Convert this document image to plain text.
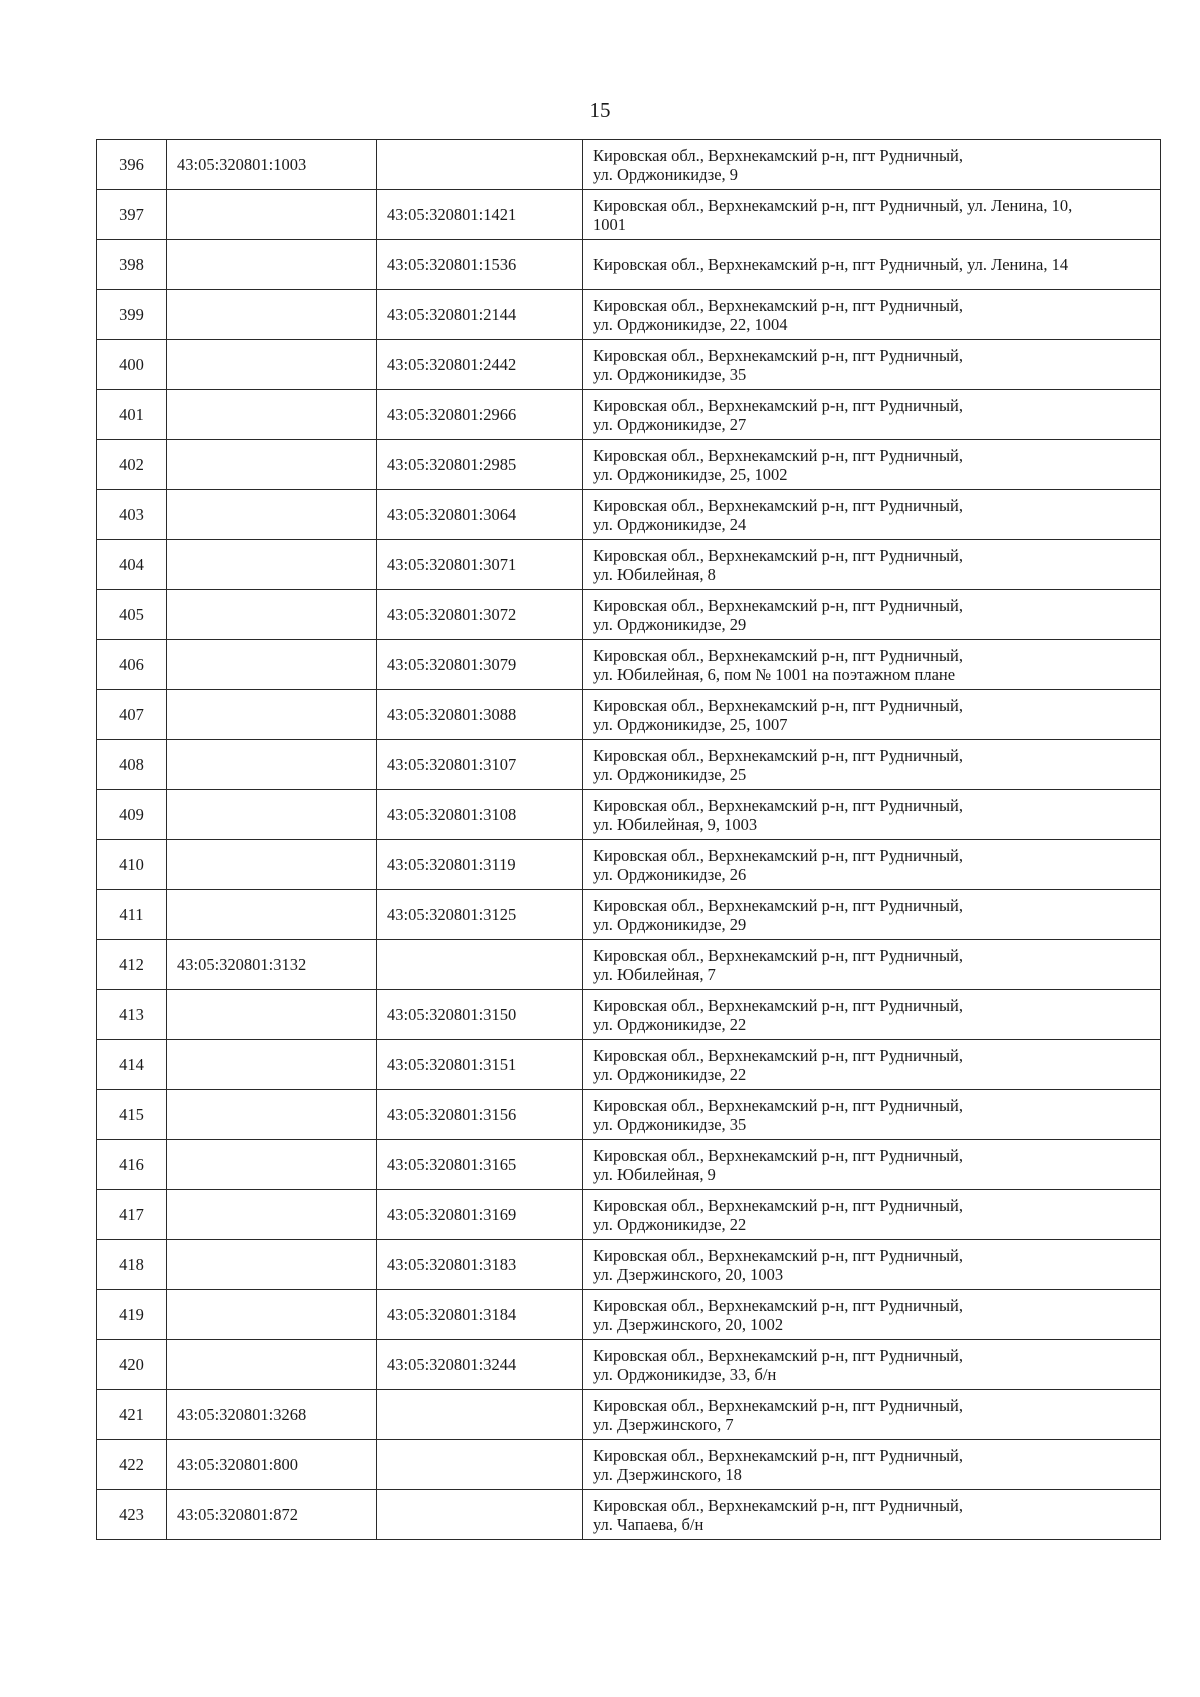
15
396	43:05:320801:1003		Кировская обл., Верхнекамский р-н, пгт Рудничный,
ул. Орджоникидзе, 9

397		43:05:320801:1421	Кировская обл., Верхнекамский р-н, пгт Рудничный, ул. Ленина, 10,
1001

398		43:05:320801:1536	Кировская обл., Верхнекамский р-н, пгт Рудничный, ул. Ленина, 14

399		43:05:320801:2144	Кировская обл., Верхнекамский р-н, пгт Рудничный,
ул. Орджоникидзе, 22, 1004

400		43:05:320801:2442	Кировская обл., Верхнекамский р-н, пгт Рудничный,
ул. Орджоникидзе, 35

401		43:05:320801:2966	Кировская обл., Верхнекамский р-н, пгт Рудничный,
ул. Орджоникидзе, 27

402		43:05:320801:2985	Кировская обл., Верхнекамский р-н, пгт Рудничный,
ул. Орджоникидзе, 25, 1002

403		43:05:320801:3064	Кировская обл., Верхнекамский р-н, пгт Рудничный,
ул. Орджоникидзе, 24

404		43:05:320801:3071	Кировская обл., Верхнекамский р-н, пгт Рудничный,
ул. Юбилейная, 8

405		43:05:320801:3072	Кировская обл., Верхнекамский р-н, пгт Рудничный,
ул. Орджоникидзе, 29

406		43:05:320801:3079	Кировская обл., Верхнекамский р-н, пгт Рудничный,
ул. Юбилейная, 6, пом № 1001 на поэтажном плане

407		43:05:320801:3088	Кировская обл., Верхнекамский р-н, пгт Рудничный,
ул. Орджоникидзе, 25, 1007

408		43:05:320801:3107	Кировская обл., Верхнекамский р-н, пгт Рудничный,
ул. Орджоникидзе, 25

409		43:05:320801:3108	Кировская обл., Верхнекамский р-н, пгт Рудничный,
ул. Юбилейная, 9, 1003

410		43:05:320801:3119	Кировская обл., Верхнекамский р-н, пгт Рудничный,
ул. Орджоникидзе, 26

411		43:05:320801:3125	Кировская обл., Верхнекамский р-н, пгт Рудничный,
ул. Орджоникидзе, 29

412	43:05:320801:3132		Кировская обл., Верхнекамский р-н, пгт Рудничный,
ул. Юбилейная, 7

413		43:05:320801:3150	Кировская обл., Верхнекамский р-н, пгт Рудничный,
ул. Орджоникидзе, 22

414		43:05:320801:3151	Кировская обл., Верхнекамский р-н, пгт Рудничный,
ул. Орджоникидзе, 22

415		43:05:320801:3156	Кировская обл., Верхнекамский р-н, пгт Рудничный,
ул. Орджоникидзе, 35

416		43:05:320801:3165	Кировская обл., Верхнекамский р-н, пгт Рудничный,
ул. Юбилейная, 9

417		43:05:320801:3169	Кировская обл., Верхнекамский р-н, пгт Рудничный,
ул. Орджоникидзе, 22

418		43:05:320801:3183	Кировская обл., Верхнекамский р-н, пгт Рудничный,
ул. Дзержинского, 20, 1003

419		43:05:320801:3184	Кировская обл., Верхнекамский р-н, пгт Рудничный,
ул. Дзержинского, 20, 1002

420		43:05:320801:3244	Кировская обл., Верхнекамский р-н, пгт Рудничный,
ул. Орджоникидзе, 33, б/н

421	43:05:320801:3268		Кировская обл., Верхнекамский р-н, пгт Рудничный,
ул. Дзержинского, 7

422	43:05:320801:800		Кировская обл., Верхнекамский р-н, пгт Рудничный,
ул. Дзержинского, 18

423	43:05:320801:872		Кировская обл., Верхнекамский р-н, пгт Рудничный,
ул. Чапаева, б/н
